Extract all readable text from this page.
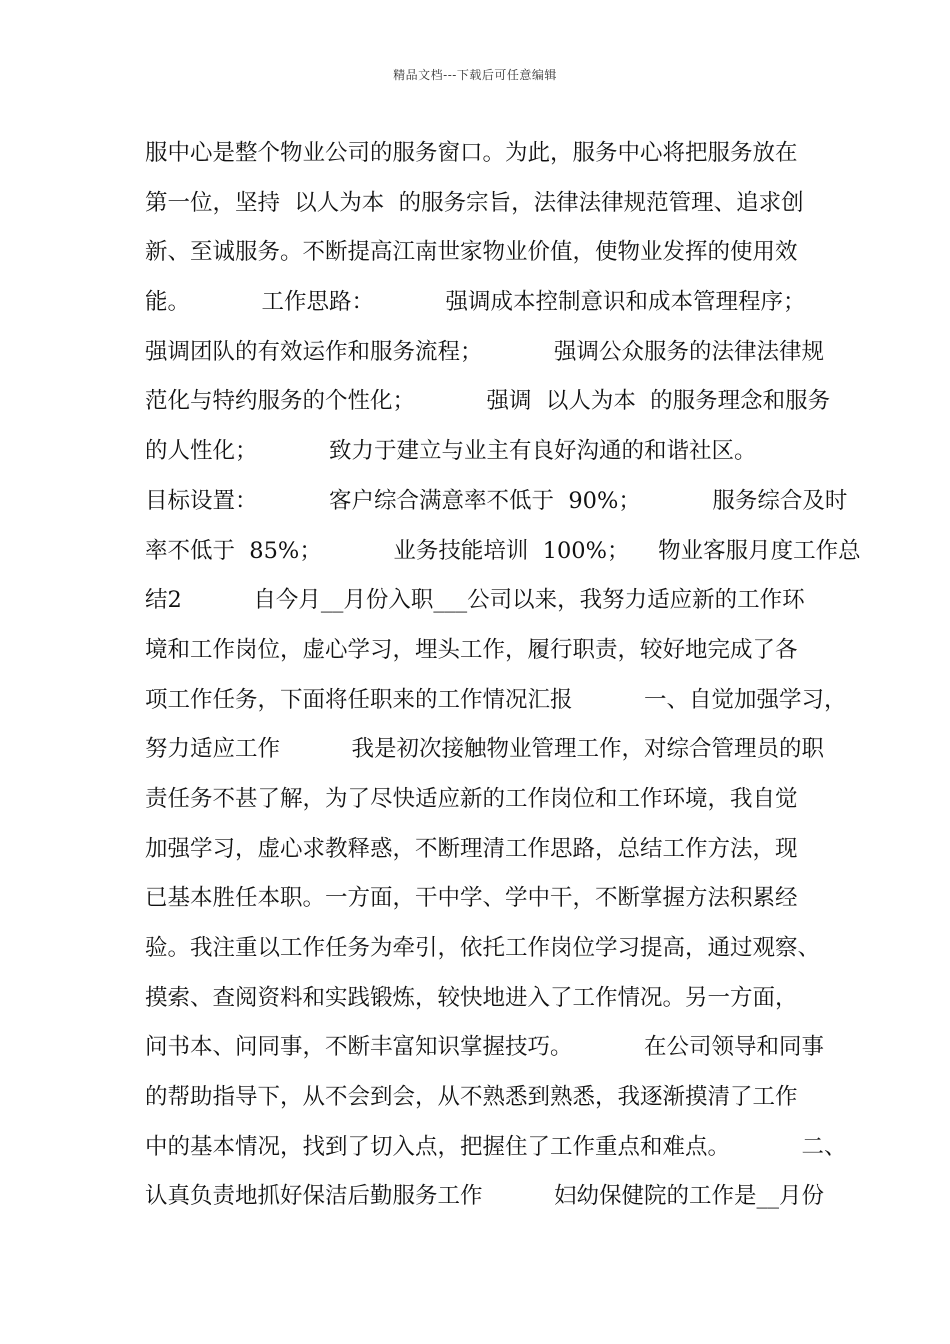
精品文档---下载后可任意编辑
服中心是整个物业公司的服务窗口。为此，服务中心将把服务放在
第一位，坚持  以人为本  的服务宗旨，法律法律规范管理、追求创
新、至诚服务。不断提高江南世家物业价值，使物业发挥的使用效
能。          工作思路：          强调成本控制意识和成本管理程序；
强调团队的有效运作和服务流程；          强调公众服务的法律法律规
范化与特约服务的个性化；          强调  以人为本  的服务理念和服务
的人性化；          致力于建立与业主有良好沟通的和谐社区。
目标设置：          客户综合满意率不低于  90%；          服务综合及时
率不低于  85%；          业务技能培训  100%；    物业客服月度工作总
结2          自今月__月份入职___公司以来，我努力适应新的工作环
境和工作岗位，虚心学习，埋头工作，履行职责，较好地完成了各
项工作任务，下面将任职来的工作情况汇报          一、自觉加强学习，
努力适应工作          我是初次接触物业管理工作，对综合管理员的职
责任务不甚了解，为了尽快适应新的工作岗位和工作环境，我自觉
加强学习，虚心求教释惑，不断理清工作思路，总结工作方法，现
已基本胜任本职。一方面，干中学、学中干，不断掌握方法积累经
验。我注重以工作任务为牵引，依托工作岗位学习提高，通过观察、
摸索、查阅资料和实践锻炼，较快地进入了工作情况。另一方面，
问书本、问同事，不断丰富知识掌握技巧。          在公司领导和同事
的帮助指导下，从不会到会，从不熟悉到熟悉，我逐渐摸清了工作
中的基本情况，找到了切入点，把握住了工作重点和难点。          二、
认真负责地抓好保洁后勤服务工作          妇幼保健院的工作是__月份
